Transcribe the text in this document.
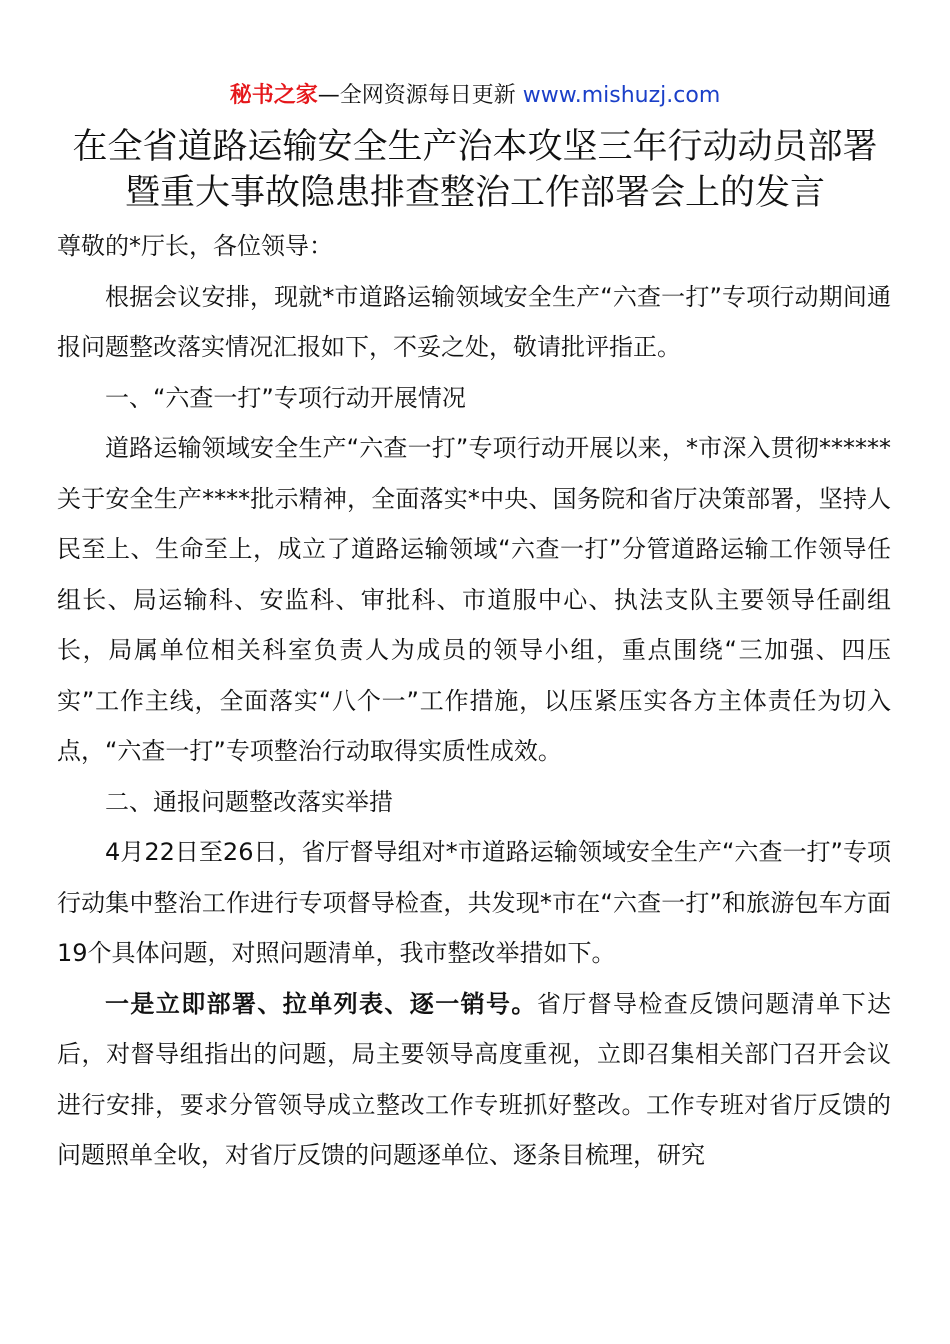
秘书之家—全网资源每日更新 www.mishuzj.com
在全省道路运输安全生产治本攻坚三年行动动员部署
暨重大事故隐患排查整治工作部署会上的发言

尊敬的*厅长，各位领导：

根据会议安排，现就*市道路运输领域安全生产“六查一打”专项行动期间通报问题整改落实情况汇报如下，不妥之处，敬请批评指正。

一、“六查一打”专项行动开展情况

道路运输领域安全生产“六查一打”专项行动开展以来，*市深入贯彻******关于安全生产****批示精神，全面落实*中央、国务院和省厅决策部署，坚持人民至上、生命至上，成立了道路运输领域“六查一打”分管道路运输工作领导任组长、局运输科、安监科、审批科、市道服中心、执法支队主要领导任副组长，局属单位相关科室负责人为成员的领导小组，重点围绕“三加强、四压实”工作主线，全面落实“八个一”工作措施，以压紧压实各方主体责任为切入点，“六查一打”专项整治行动取得实质性成效。

二、通报问题整改落实举措

4月22日至26日，省厅督导组对*市道路运输领域安全生产“六查一打”专项行动集中整治工作进行专项督导检查，共发现*市在“六查一打”和旅游包车方面19个具体问题，对照问题清单，我市整改举措如下。

一是立即部署、拉单列表、逐一销号。省厅督导检查反馈问题清单下达后，对督导组指出的问题，局主要领导高度重视，立即召集相关部门召开会议进行安排，要求分管领导成立整改工作专班抓好整改。工作专班对省厅反馈的问题照单全收，对省厅反馈的问题逐单位、逐条目梳理，研究
